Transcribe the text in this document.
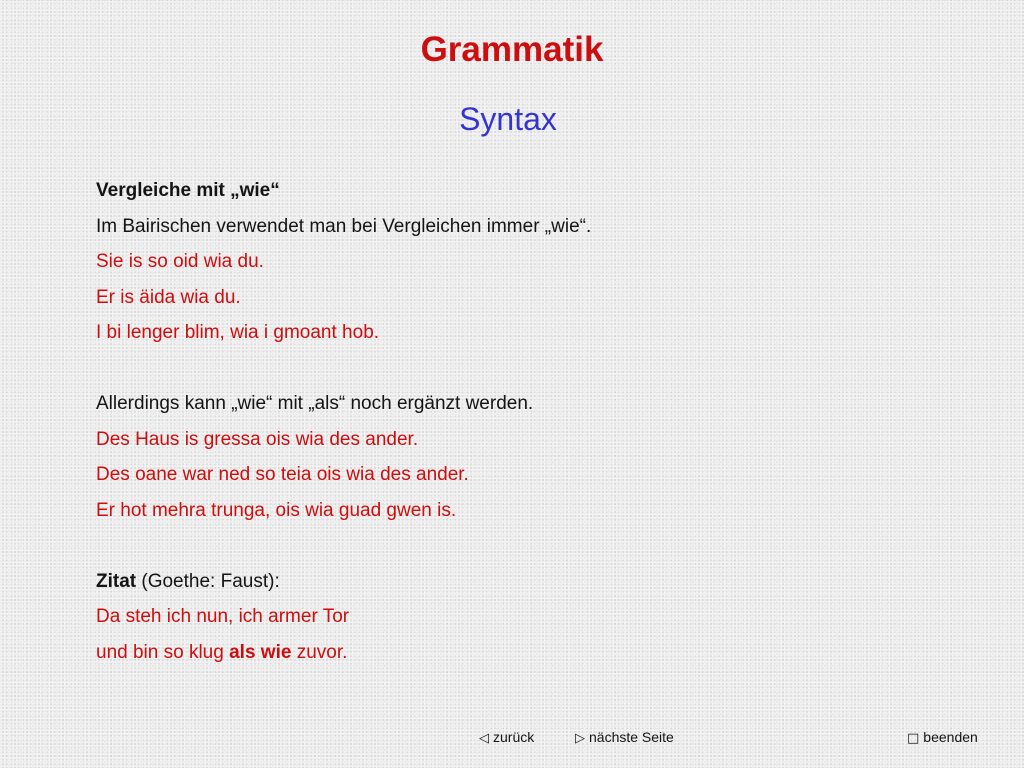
Grammatik
Syntax
Vergleiche mit „wie“
Im Bairischen verwendet man bei Vergleichen immer „wie“.
Sie is so oid wia du.
Er is äida wia du.
I bi lenger blim, wia i gmoant hob.
Allerdings kann „wie“ mit „als“ noch ergänzt werden.
Des Haus is gressa ois wia des ander.
Des oane war ned so teia ois wia des ander.
Er hot mehra trunga, ois wia guad gwen is.
Zitat (Goethe: Faust):
Da steh ich nun, ich armer Tor
und bin so klug als wie zuvor.
◁ zurück	▷ nächste Seite	□ beenden
